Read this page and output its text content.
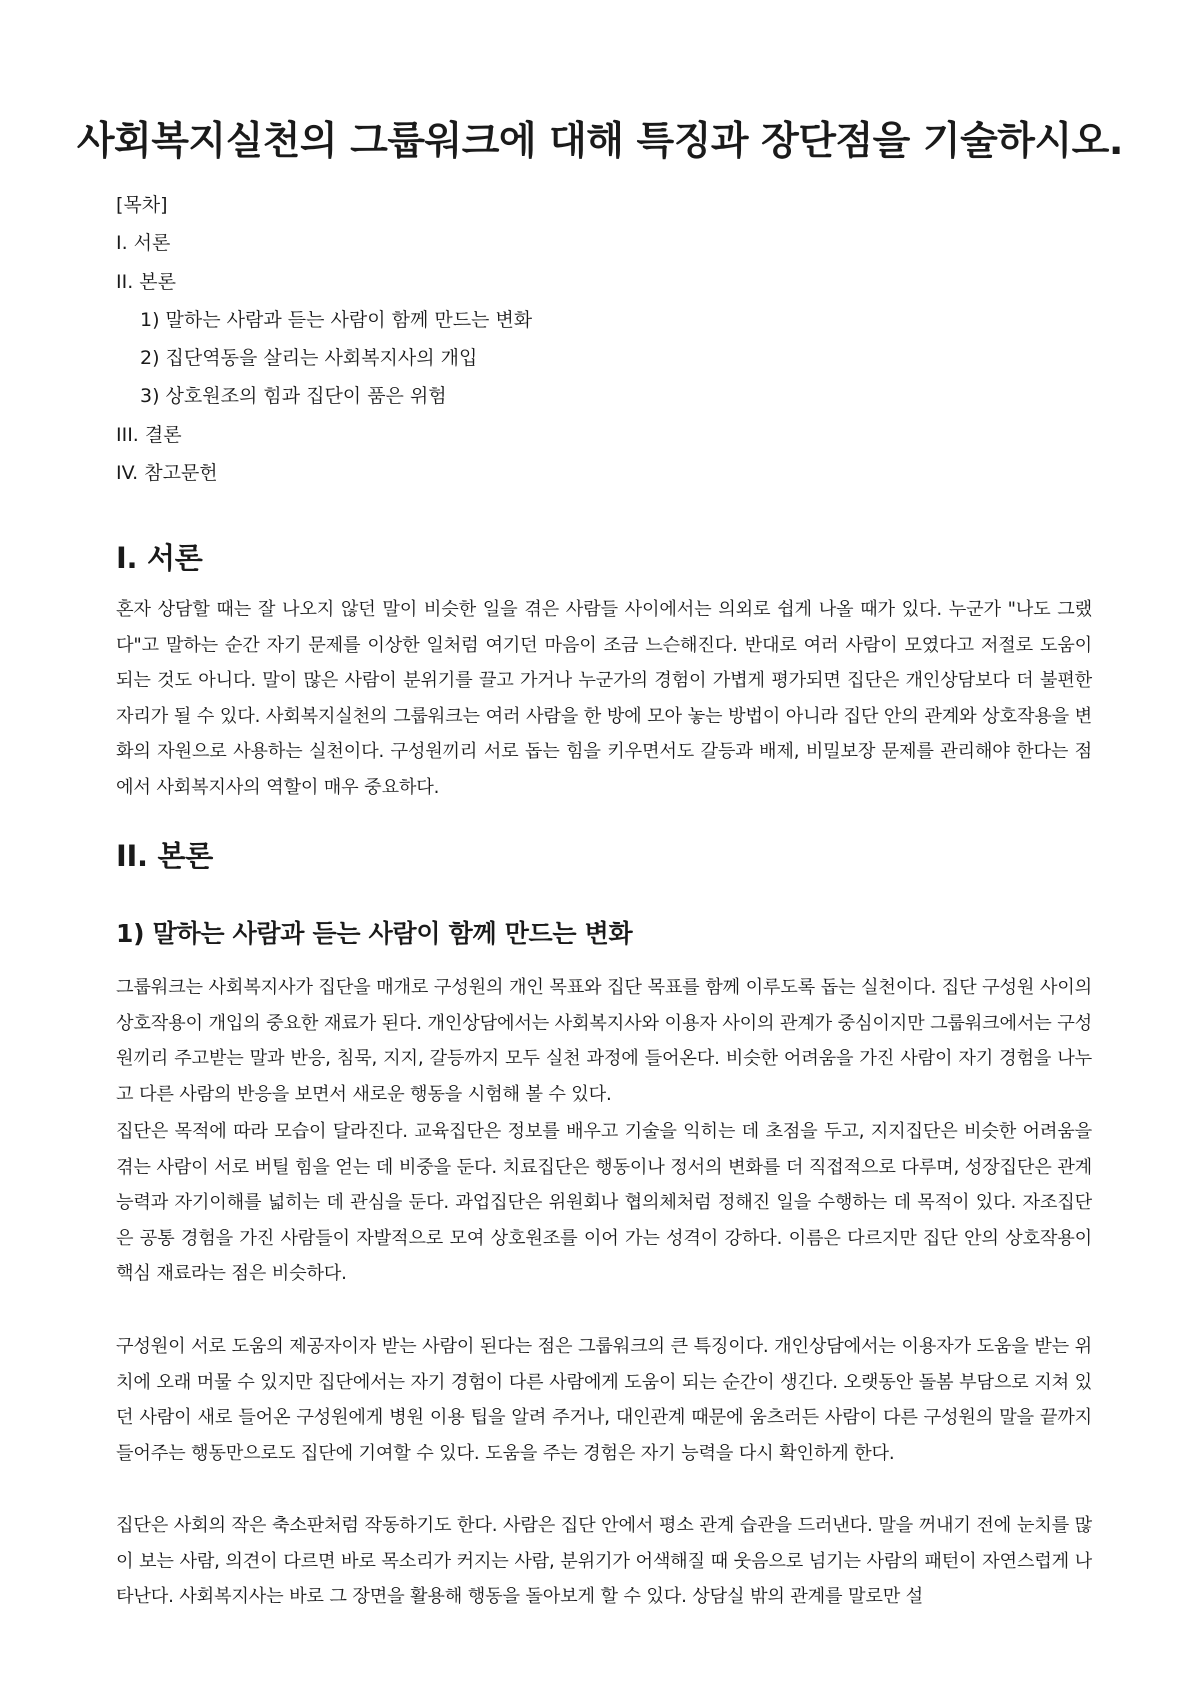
사회복지실천의 그룹워크에 대해 특징과 장단점을 기술하시오.
[목차]
I. 서론
II. 본론
1) 말하는 사람과 듣는 사람이 함께 만드는 변화
2) 집단역동을 살리는 사회복지사의 개입
3) 상호원조의 힘과 집단이 품은 위험
III. 결론
IV. 참고문헌
I. 서론

혼자 상담할 때는 잘 나오지 않던 말이 비슷한 일을 겪은 사람들 사이에서는 의외로 쉽게 나올 때가 있다. 누군가 "나도 그랬다"고 말하는 순간 자기 문제를 이상한 일처럼 여기던 마음이 조금 느슨해진다. 반대로 여러 사람이 모였다고 저절로 도움이 되는 것도 아니다. 말이 많은 사람이 분위기를 끌고 가거나 누군가의 경험이 가볍게 평가되면 집단은 개인상담보다 더 불편한 자리가 될 수 있다. 사회복지실천의 그룹워크는 여러 사람을 한 방에 모아 놓는 방법이 아니라 집단 안의 관계와 상호작용을 변화의 자원으로 사용하는 실천이다. 구성원끼리 서로 돕는 힘을 키우면서도 갈등과 배제, 비밀보장 문제를 관리해야 한다는 점에서 사회복지사의 역할이 매우 중요하다.

II. 본론
1) 말하는 사람과 듣는 사람이 함께 만드는 변화

그룹워크는 사회복지사가 집단을 매개로 구성원의 개인 목표와 집단 목표를 함께 이루도록 돕는 실천이다. 집단 구성원 사이의 상호작용이 개입의 중요한 재료가 된다. 개인상담에서는 사회복지사와 이용자 사이의 관계가 중심이지만 그룹워크에서는 구성원끼리 주고받는 말과 반응, 침묵, 지지, 갈등까지 모두 실천 과정에 들어온다. 비슷한 어려움을 가진 사람이 자기 경험을 나누고 다른 사람의 반응을 보면서 새로운 행동을 시험해 볼 수 있다.

집단은 목적에 따라 모습이 달라진다. 교육집단은 정보를 배우고 기술을 익히는 데 초점을 두고, 지지집단은 비슷한 어려움을 겪는 사람이 서로 버틸 힘을 얻는 데 비중을 둔다. 치료집단은 행동이나 정서의 변화를 더 직접적으로 다루며, 성장집단은 관계 능력과 자기이해를 넓히는 데 관심을 둔다. 과업집단은 위원회나 협의체처럼 정해진 일을 수행하는 데 목적이 있다. 자조집단은 공통 경험을 가진 사람들이 자발적으로 모여 상호원조를 이어 가는 성격이 강하다. 이름은 다르지만 집단 안의 상호작용이 핵심 재료라는 점은 비슷하다.

구성원이 서로 도움의 제공자이자 받는 사람이 된다는 점은 그룹워크의 큰 특징이다. 개인상담에서는 이용자가 도움을 받는 위치에 오래 머물 수 있지만 집단에서는 자기 경험이 다른 사람에게 도움이 되는 순간이 생긴다. 오랫동안 돌봄 부담으로 지쳐 있던 사람이 새로 들어온 구성원에게 병원 이용 팁을 알려 주거나, 대인관계 때문에 움츠러든 사람이 다른 구성원의 말을 끝까지 들어주는 행동만으로도 집단에 기여할 수 있다. 도움을 주는 경험은 자기 능력을 다시 확인하게 한다.

집단은 사회의 작은 축소판처럼 작동하기도 한다. 사람은 집단 안에서 평소 관계 습관을 드러낸다. 말을 꺼내기 전에 눈치를 많이 보는 사람, 의견이 다르면 바로 목소리가 커지는 사람, 분위기가 어색해질 때 웃음으로 넘기는 사람의 패턴이 자연스럽게 나타난다. 사회복지사는 바로 그 장면을 활용해 행동을 돌아보게 할 수 있다. 상담실 밖의 관계를 말로만 설
